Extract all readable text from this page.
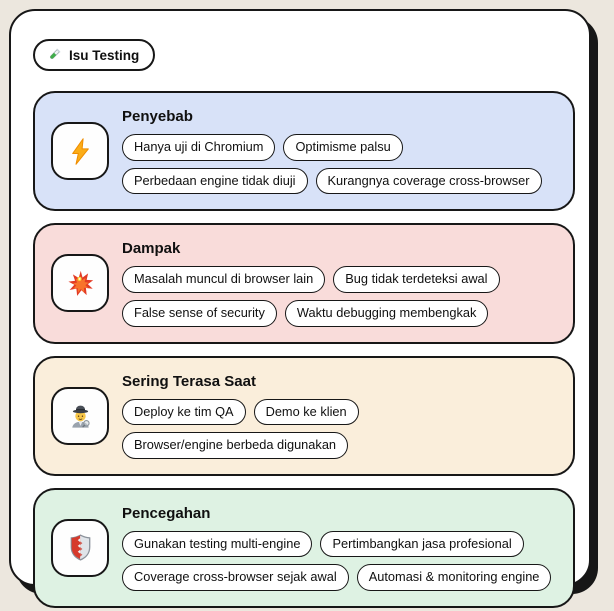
Isu Testing
Penyebab
Hanya uji di Chromium	Optimisme palsu
Perbedaan engine tidak diuji	Kurangnya coverage cross-browser
Dampak
Masalah muncul di browser lain	Bug tidak terdeteksi awal
False sense of security	Waktu debugging membengkak
Sering Terasa Saat
Deploy ke tim QA	Demo ke klien
Browser/engine berbeda digunakan
Pencegahan
Gunakan testing multi-engine	Pertimbangkan jasa profesional
Coverage cross-browser sejak awal	Automasi & monitoring engine
